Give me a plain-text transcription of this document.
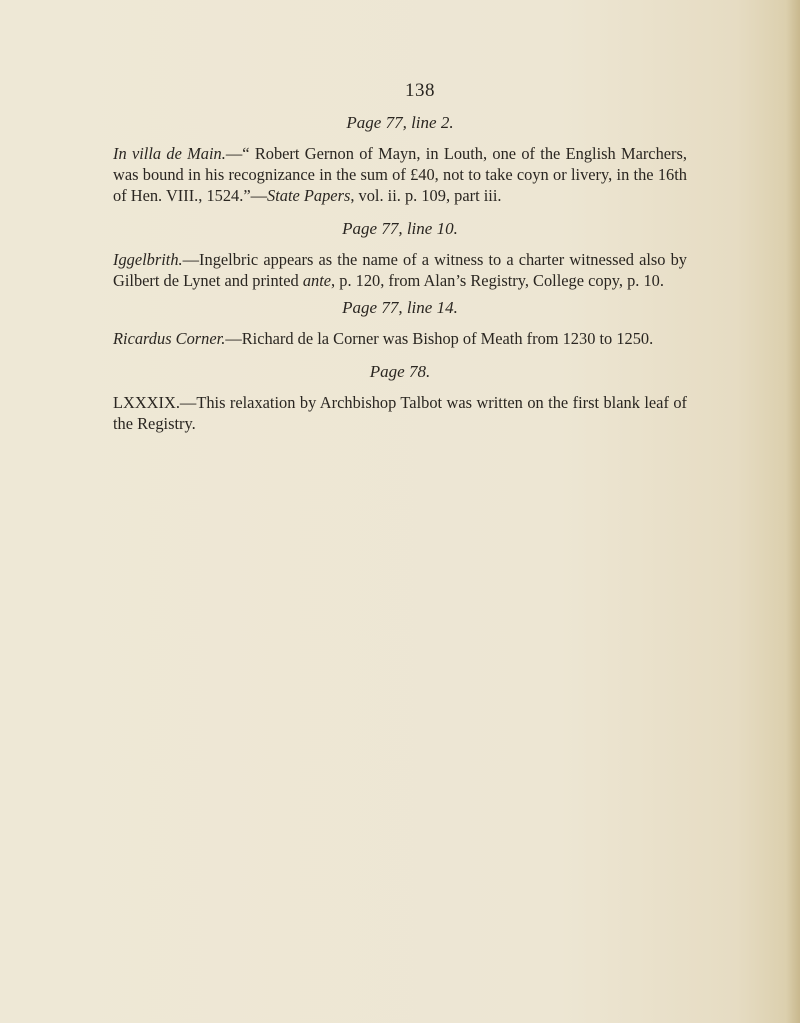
138

Page 77, line 2.

In villa de Main.—“ Robert Gernon of Mayn, in Louth, one of the English Marchers, was bound in his recognizance in the sum of £40, not to take coyn or livery, in the 16th of Hen. VIII., 1524.”—State Papers, vol. ii. p. 109, part iii.

Page 77, line 10.

Iggelbrith.—Ingelbric appears as the name of a witness to a charter witnessed also by Gilbert de Lynet and printed ante, p. 120, from Alan’s Registry, College copy, p. 10.

Page 77, line 14.

Ricardus Corner.—Richard de la Corner was Bishop of Meath from 1230 to 1250.

Page 78.

LXXXIX.—This relaxation by Archbishop Talbot was written on the first blank leaf of the Registry.
